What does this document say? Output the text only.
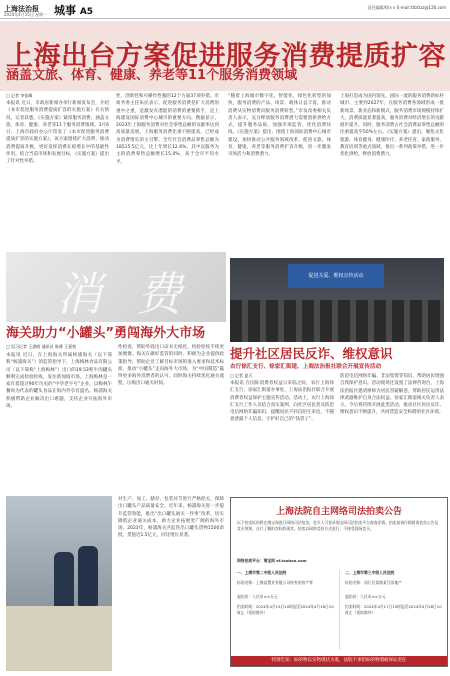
上海法治报
2024年4月15日 星期一 城事 A5	责任编辑/徐×× E-mail:fzbfzzz@126.com
上海出台方案促进服务消费提质扩容
涵盖文旅、体育、健康、养老等11个服务消费领域
□ 记者 李佳峰
本报讯 近日，市政府新闻办举行新闻发布会，介绍《本市促进服务消费提质扩容的实施方案》有关情况。记者获悉，《实施方案》紧扣服务消费，涵盖文旅、体育、健康、养老等11个服务消费领域。3月6日，上海市政府办公厅印发了《本市促进服务消费提质扩容的实施方案》，该方案围绕扩大消费，推动消费提质升级，更好发挥消费在稳增长中的基础性作用。结合当前市场和发展目标，《实施方案》提出了针对性举措。
性、创新性和可操作性强的12个方面37项举措。市商务委主任朱民表示，促进服务消费是扩大消费的重中之重，是激发有潜能的消费的重要抓手，是上海建设国际消费中心城市的重要方向。数据显示，2023年上海服务消费对社会零售总额的贡献率达到高质量发展。上海服务消费比重不断提高，已经成为消费增长的主引擎。全年社会消费品零售总额为18515.5亿元，比上年增长12.6%，其中以服务为主的消费零售总额增长15.4%，高于全市平均水平。
“随着上海城市数字化、智能化、绿色化转型的加快，服务消费的产品、场景、载体日益丰富，推动消费从实物消费向服务消费转型。”市发改委相关负责人表示，充分释放服务消费潜力需要创新供给方式，提升服务品质，加强市场监管，优化消费环境。《实施方案》提出，围绕上海国际消费中心城市建设，加快推动公共服务领域改革，促进文旅、体育、健康、养老等服务消费扩容升级，进一步激发市场活力和消费潜力。
上海打造成为国内领先、国际一流的服务消费新标杆城市。主要到2027年，在服务消费各领域形成一批新场景、新业态和新模式，服务消费市场规模持续扩大，消费质量显著提高，服务消费对经济增长的贡献稳步提升。同时，服务消费占社会消费品零售总额的比重提高至50%左右。《实施方案》提出，聚焦文化旅游、体育健身、健康医疗、养老托育、家政服务、教育培训等重点领域，推出一系列政策举措，进一步优化供给，释放消费潜力。
消 费
海关助力“小罐头”勇闯海外大市场
□ 见习记者 王湛皓 通讯员 陈赟 王嘉悦
本报讯 近日，在上海海关所属杨浦海关（以下简称“杨浦海关”）的监管指导下，上海梅林食品有限公司（以下简称“上海梅林”）出口的19.53吨牛肉罐头顺利完成检验检疫，发往新加坡市场。上海梅林是一家有着超过90年历史的“中华老字号”企业，以梅林午餐肉为代表的罐头食品在海内外享有盛名。杨浦海关积极帮助企业解决出口难题，支持企业开拓海外市场。
性检查，帮助外商出口证书无纸化，检验检疫手续更加便捷。海关在做好监管的同时，积极为企业提供政策指导，帮助企业了解目标市场的准入要求和技术标准，推动“小罐头”走向海外大市场，为“中国制造”赢得更多海外消费者的认可。同时海关持续优化通关流程，压缩出口通关时间。
对生产、加工、储存、包装环节进行严格把关，保障出口罐头产品质量安全。近年来，杨浦海关进一步提升监管效能，推出“出口罐头通关一件事”改革，切实降低企业通关成本，助力企业拓展更广阔的海外市场。2023年，杨浦海关共监管出口罐头货物1500余批，货值近1.5亿元，同比增长显著。
促进关爱、维权宣传活动
提升社区居民反诈、维权意识
农行徐汇支行、徐家汇街道、上海法治报社联合开展宣传活动
□ 记者 夏天
本报讯 在国际消费者权益日来临之际，农行上海徐汇支行、徐家汇街道办事处、上海法治报社联合开展消费者权益保护主题宣传活动。活动上，农行上海徐汇支行工作人员结合真实案例，向社区居民普及防范电信网络诈骗知识，提醒居民不轻信陌生来电，不随意泄露个人信息，守护好自己的“钱袋子”。
防范电信网络诈骗、非法集资等知识，帮助居民增强自我保护意识。活动现场还设置了法律咨询台，上海法治报社邀请律师为居民答疑解惑，帮助居民运用法律武器维护自身合法权益。徐家汇街道相关负责人表示，今后将持续开展此类活动，推动社区居民反诈、维权意识不断提升，共同营造安全和谐的社区环境。
上海法院自主网络司法拍卖公告
以下拍卖标的将在淘宝网进行网络司法拍卖，竞买人可登录淘宝网司法拍卖平台查询详情。拍卖前请仔细阅读拍卖公告及竞买须知，自行了解拍卖标的现状。拍卖以网络竞价方式进行，不接受现场竞买。
网络拍卖平台：淘宝网 sf.taobao.com
一、上海市第二中级人民法院
标的名称：上海某置业有限公司持有的房产等
起拍价：人民币××万元
拍卖时间：2024年4月15日10时起至2024年4月16日10时止（延时除外）
二、上海市第三中级人民法院
标的名称：闵行区某路某号房地产
起拍价：人民币××万元
拍卖时间：2024年4月17日10时起至2024年4月18日10时止（延时除外）
特别告知：标的物以实物现状为准，法院不承担标的物瑕疵保证责任
